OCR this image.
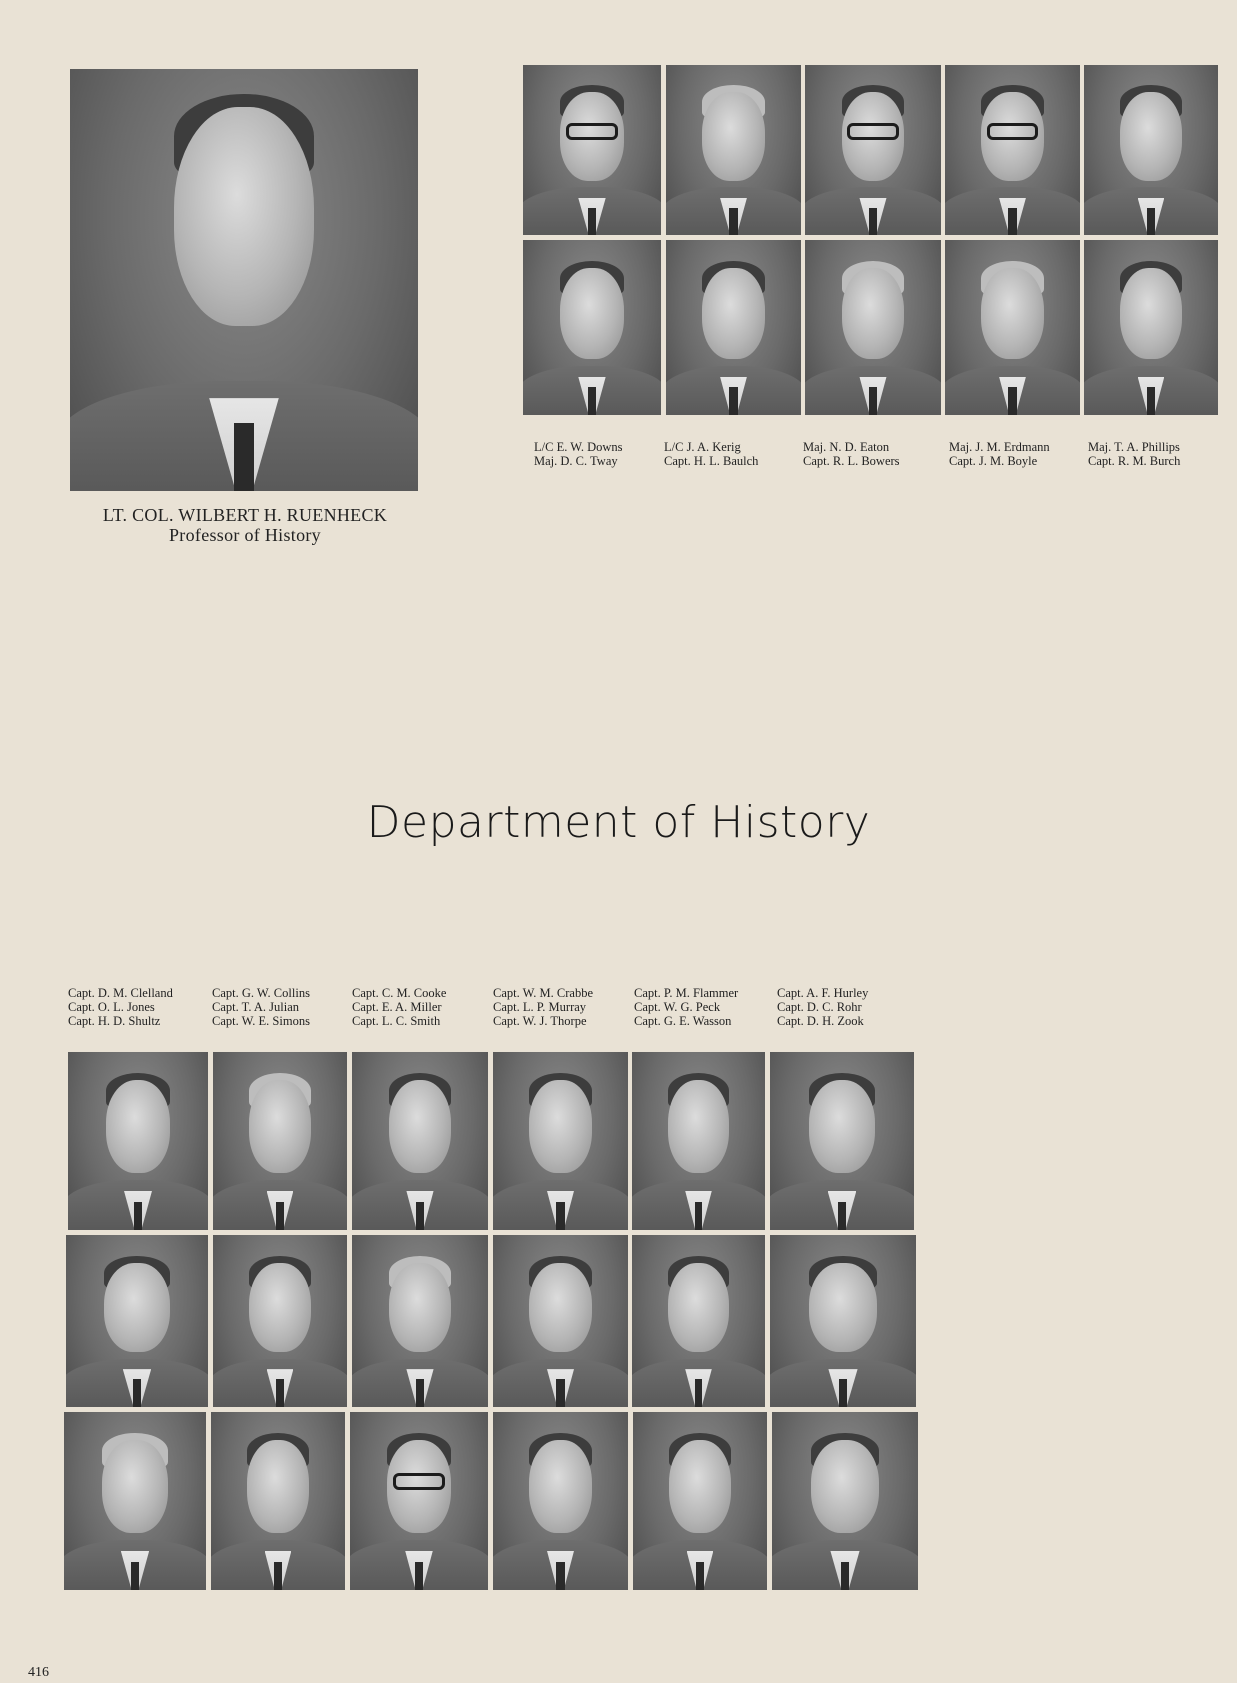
LT. COL. WILBERT H. RUENHECK
Professor of History
L/C E. W. Downs
Maj. D. C. Tway
L/C J. A. Kerig
Capt. H. L. Baulch
Maj. N. D. Eaton
Capt. R. L. Bowers
Maj. J. M. Erdmann
Capt. J. M. Boyle
Maj. T. A. Phillips
Capt. R. M. Burch
Department of History
Capt. D. M. Clelland
Capt. O. L. Jones
Capt. H. D. Shultz
Capt. G. W. Collins
Capt. T. A. Julian
Capt. W. E. Simons
Capt. C. M. Cooke
Capt. E. A. Miller
Capt. L. C. Smith
Capt. W. M. Crabbe
Capt. L. P. Murray
Capt. W. J. Thorpe
Capt. P. M. Flammer
Capt. W. G. Peck
Capt. G. E. Wasson
Capt. A. F. Hurley
Capt. D. C. Rohr
Capt. D. H. Zook
416
